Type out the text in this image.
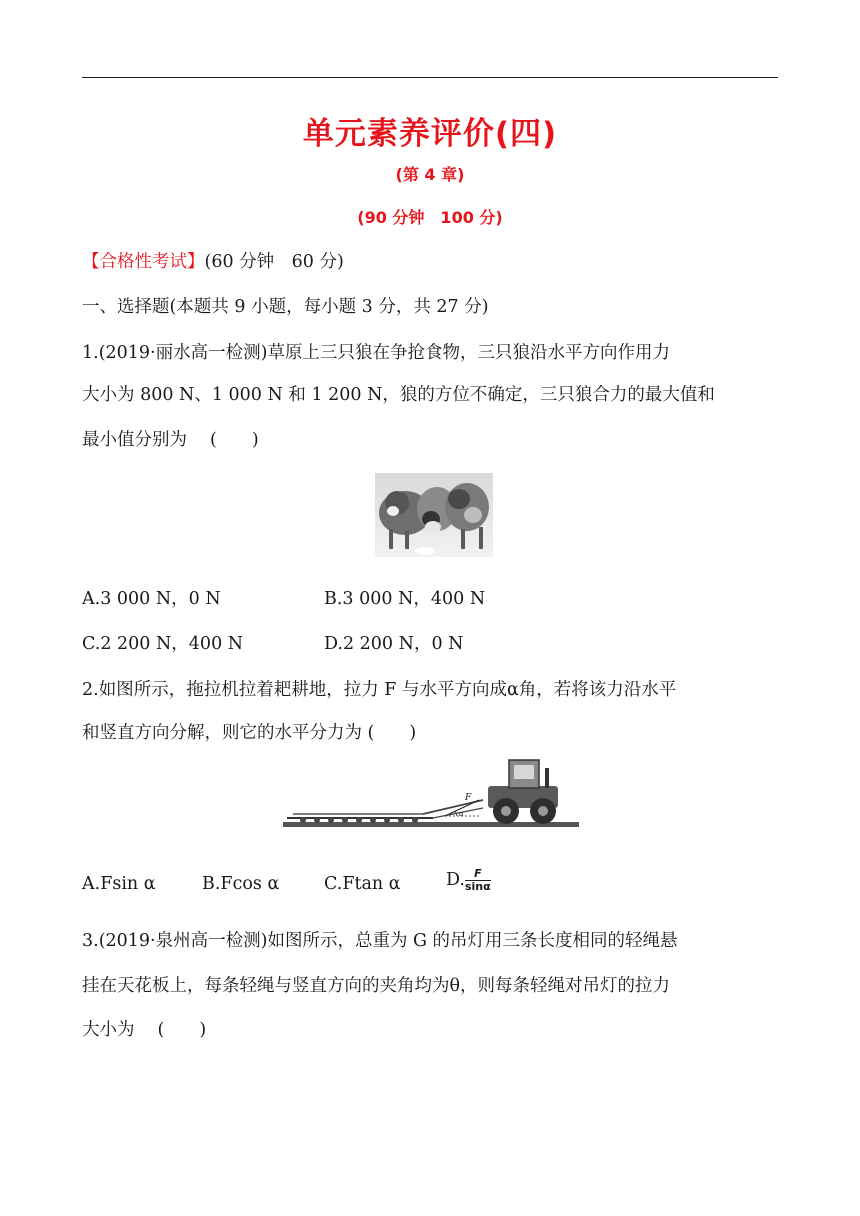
单元素养评价(四)
(第 4 章)
(90 分钟　100 分)
【合格性考试】(60 分钟　60 分)
一、选择题(本题共 9 小题，每小题 3 分，共 27 分)
1.(2019·丽水高一检测)草原上三只狼在争抢食物，三只狼沿水平方向作用力
大小为 800 N、1 000 N 和 1 200 N，狼的方位不确定，三只狼合力的最大值和
最小值分别为　 (　　)
A.3 000 N，0 N	B.3 000 N，400 N
C.2 200 N，400 N	D.2 200 N，0 N
2.如图所示，拖拉机拉着耙耕地，拉力 F 与水平方向成α角，若将该力沿水平
和竖直方向分解，则它的水平分力为 (　　)
F
α
A.Fsin α	B.Fcos α	C.Ftan α	D. $\frac{F}{\sin\alpha}$
3.(2019·泉州高一检测)如图所示，总重为 G 的吊灯用三条长度相同的轻绳悬
挂在天花板上，每条轻绳与竖直方向的夹角均为θ，则每条轻绳对吊灯的拉力
大小为　 (　　)
